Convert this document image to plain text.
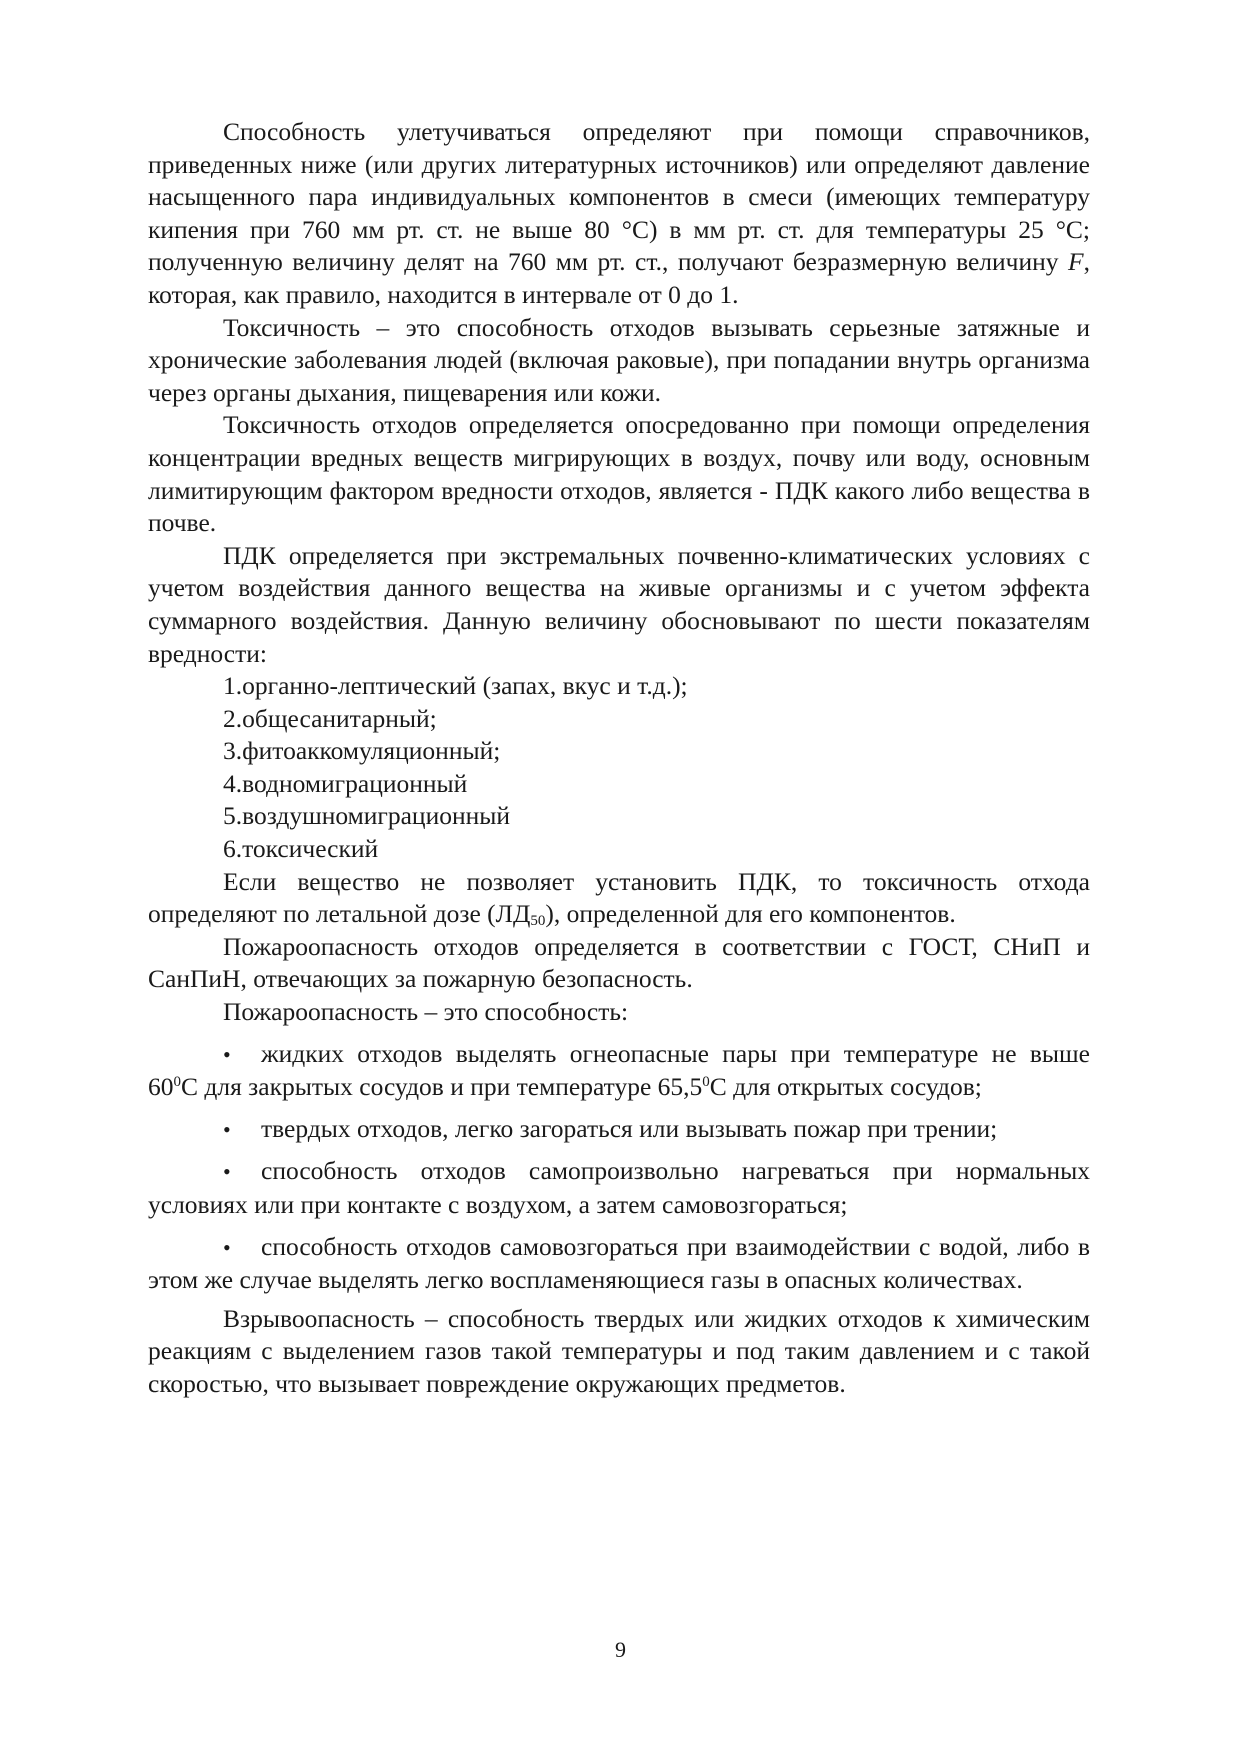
Способность улетучиваться определяют при помощи справочников, приведенных ниже (или других литературных источников) или определяют давление насыщенного пара индивидуальных компонентов в смеси (имеющих температуру кипения при 760 мм рт. ст. не выше 80 °С) в мм рт. ст. для температуры 25 °С; полученную величину делят на 760 мм рт. ст., получают безразмерную величину F, которая, как правило, находится в интервале от 0 до 1.

Токсичность – это способность отходов вызывать серьезные затяжные и хронические заболевания людей (включая раковые), при попадании внутрь организма через органы дыхания, пищеварения или кожи.

Токсичность отходов определяется опосредованно при помощи определения концентрации вредных веществ мигрирующих в воздух, почву или воду, основным лимитирующим фактором вредности отходов, является - ПДК какого либо вещества в почве.

ПДК определяется при экстремальных почвенно-климатических условиях с учетом воздействия данного вещества на живые организмы и с учетом эффекта суммарного воздействия. Данную величину обосновывают по шести показателям вредности:

1.органно-лептический (запах, вкус и т.д.);
2.общесанитарный;
3.фитоаккомуляционный;
4.водномиграционный
5.воздушномиграционный
6.токсический

Если вещество не позволяет установить ПДК, то токсичность отхода определяют по летальной дозе $(ЛД_{50})$, определенной для его компонентов.

Пожароопасность отходов определяется в соответствии с ГОСТ, СНиП и СанПиН, отвечающих за пожарную безопасность.

Пожароопасность – это способность:

• жидких отходов выделять огнеопасные пары при температуре не выше $60^0С$ для закрытых сосудов и при температуре 65,5$^0$С для открытых сосудов;

• твердых отходов, легко загораться или вызывать пожар при трении;

• способность отходов самопроизвольно нагреваться при нормальных условиях или при контакте с воздухом, а затем самовозгораться;

• способность отходов самовозгораться при взаимодействии с водой, либо в этом же случае выделять легко воспламеняющиеся газы в опасных количествах.

Взрывоопасность – способность твердых или жидких отходов к химическим реакциям с выделением газов такой температуры и под таким давлением и с такой скоростью, что вызывает повреждение окружающих предметов.

9
